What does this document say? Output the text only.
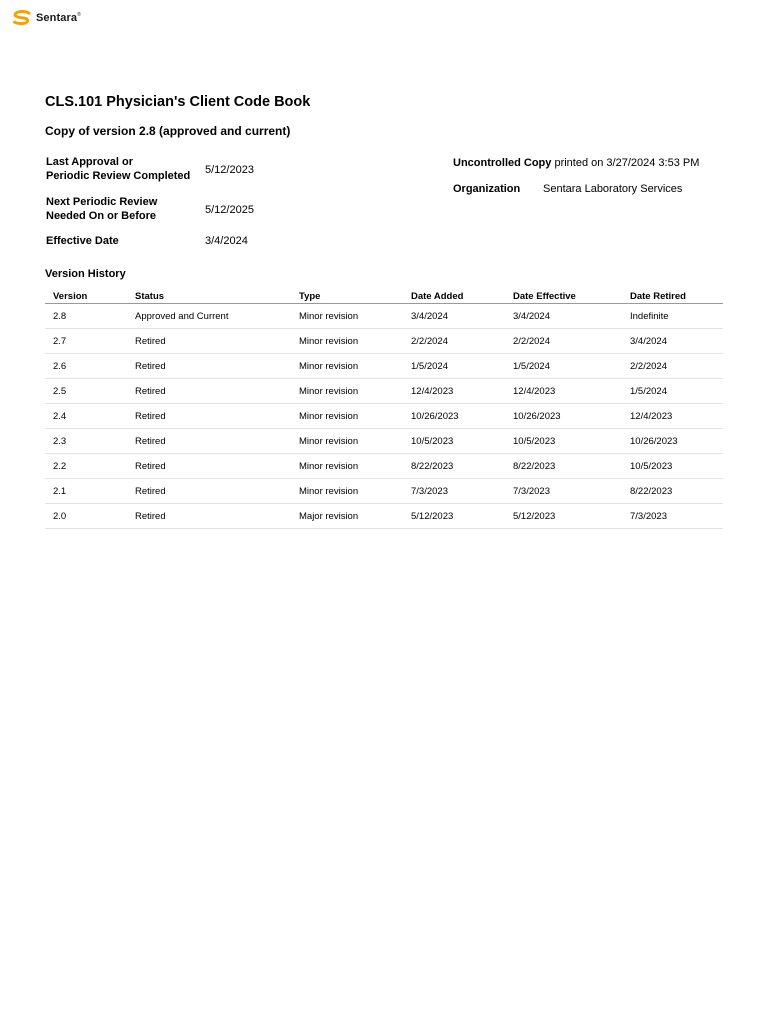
Sentara®
CLS.101 Physician's Client Code Book
Copy of version 2.8 (approved and current)
Last Approval or
Periodic Review Completed 5/12/2023
Next Periodic Review
Needed On or Before	5/12/2025
Effective Date	3/4/2024
Uncontrolled Copy printed on 3/27/2024 3:53 PM
Organization Sentara Laboratory Services
Version History
Version	Status	Type	Date Added	Date Effective	Date Retired
2.8	Approved and Current	Minor revision	3/4/2024	3/4/2024	Indefinite
2.7	Retired	Minor revision	2/2/2024	2/2/2024	3/4/2024
2.6	Retired	Minor revision	1/5/2024	1/5/2024	2/2/2024
2.5	Retired	Minor revision	12/4/2023	12/4/2023	1/5/2024
2.4	Retired	Minor revision	10/26/2023	10/26/2023	12/4/2023
2.3	Retired	Minor revision	10/5/2023	10/5/2023	10/26/2023
2.2	Retired	Minor revision	8/22/2023	8/22/2023	10/5/2023
2.1	Retired	Minor revision	7/3/2023	7/3/2023	8/22/2023
2.0	Retired	Major revision	5/12/2023	5/12/2023	7/3/2023
